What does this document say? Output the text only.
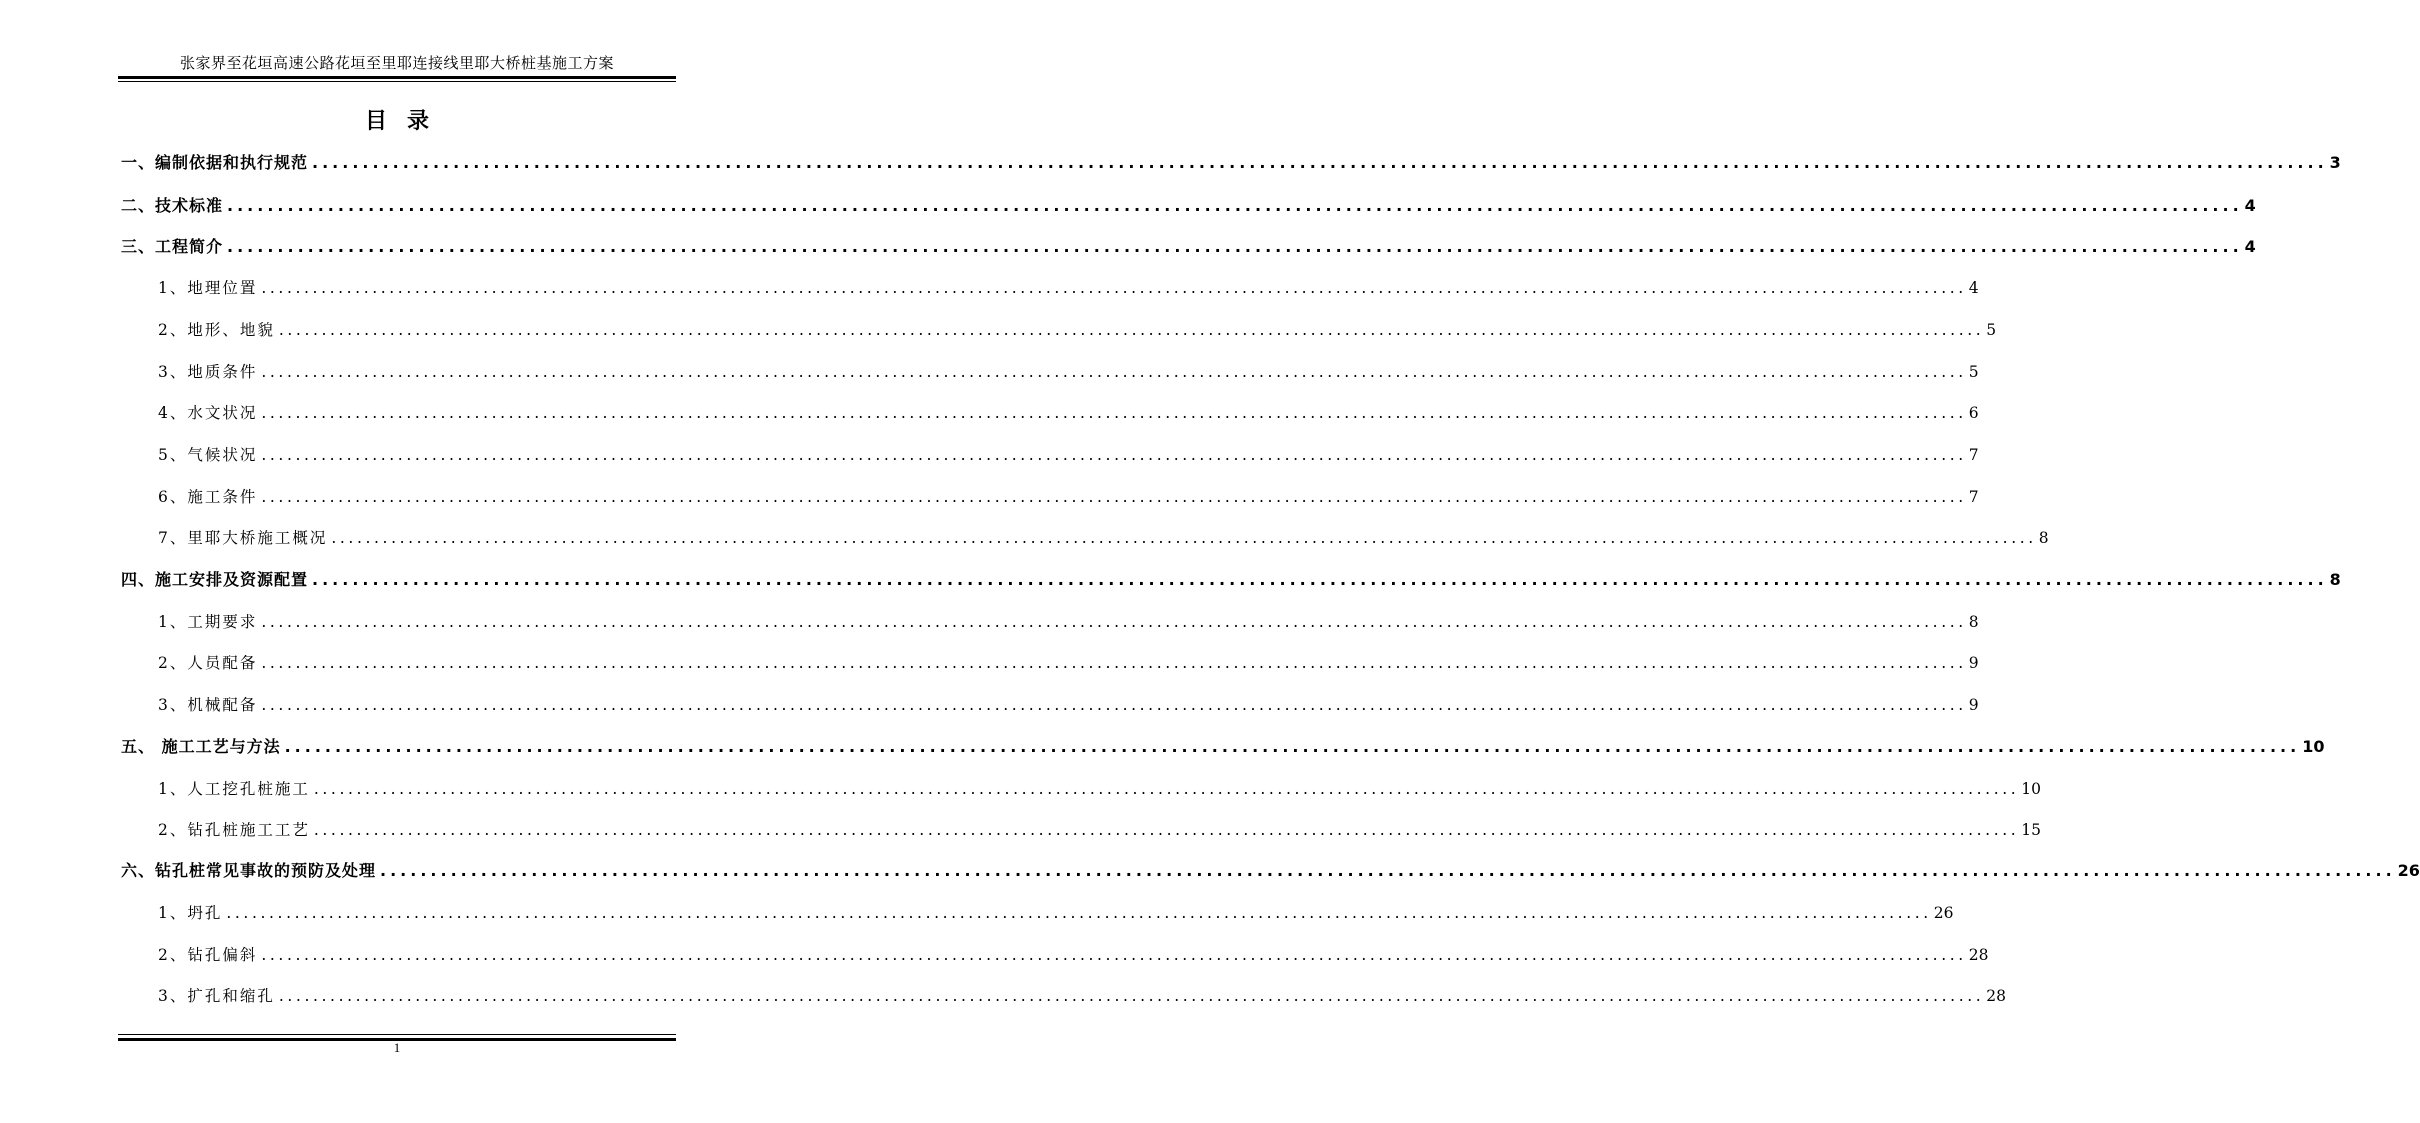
张家界至花垣高速公路花垣至里耶连接线里耶大桥桩基施工方案
目 录
一、编制依据和执行规范 ........................................................................................................................................................................................................ 3
二、技术标准 ........................................................................................................................................................................................................ 4
三、工程简介 ........................................................................................................................................................................................................ 4
1、地理位置 ........................................................................................................................................................................................................ 4
2、地形、地貌 ........................................................................................................................................................................................................ 5
3、地质条件 ........................................................................................................................................................................................................ 5
4、水文状况 ........................................................................................................................................................................................................ 6
5、气候状况 ........................................................................................................................................................................................................ 7
6、施工条件 ........................................................................................................................................................................................................ 7
7、里耶大桥施工概况 ........................................................................................................................................................................................................ 8
四、施工安排及资源配置 ........................................................................................................................................................................................................ 8
1、工期要求 ........................................................................................................................................................................................................ 8
2、人员配备 ........................................................................................................................................................................................................ 9
3、机械配备 ........................................................................................................................................................................................................ 9
五、 施工工艺与方法 ........................................................................................................................................................................................................ 10
1、人工挖孔桩施工 ........................................................................................................................................................................................................ 10
2、钻孔桩施工工艺 ........................................................................................................................................................................................................ 15
六、钻孔桩常见事故的预防及处理 ........................................................................................................................................................................................................ 26
1、坍孔 ........................................................................................................................................................................................................ 26
2、钻孔偏斜 ........................................................................................................................................................................................................ 28
3、扩孔和缩孔 ........................................................................................................................................................................................................ 28
1
